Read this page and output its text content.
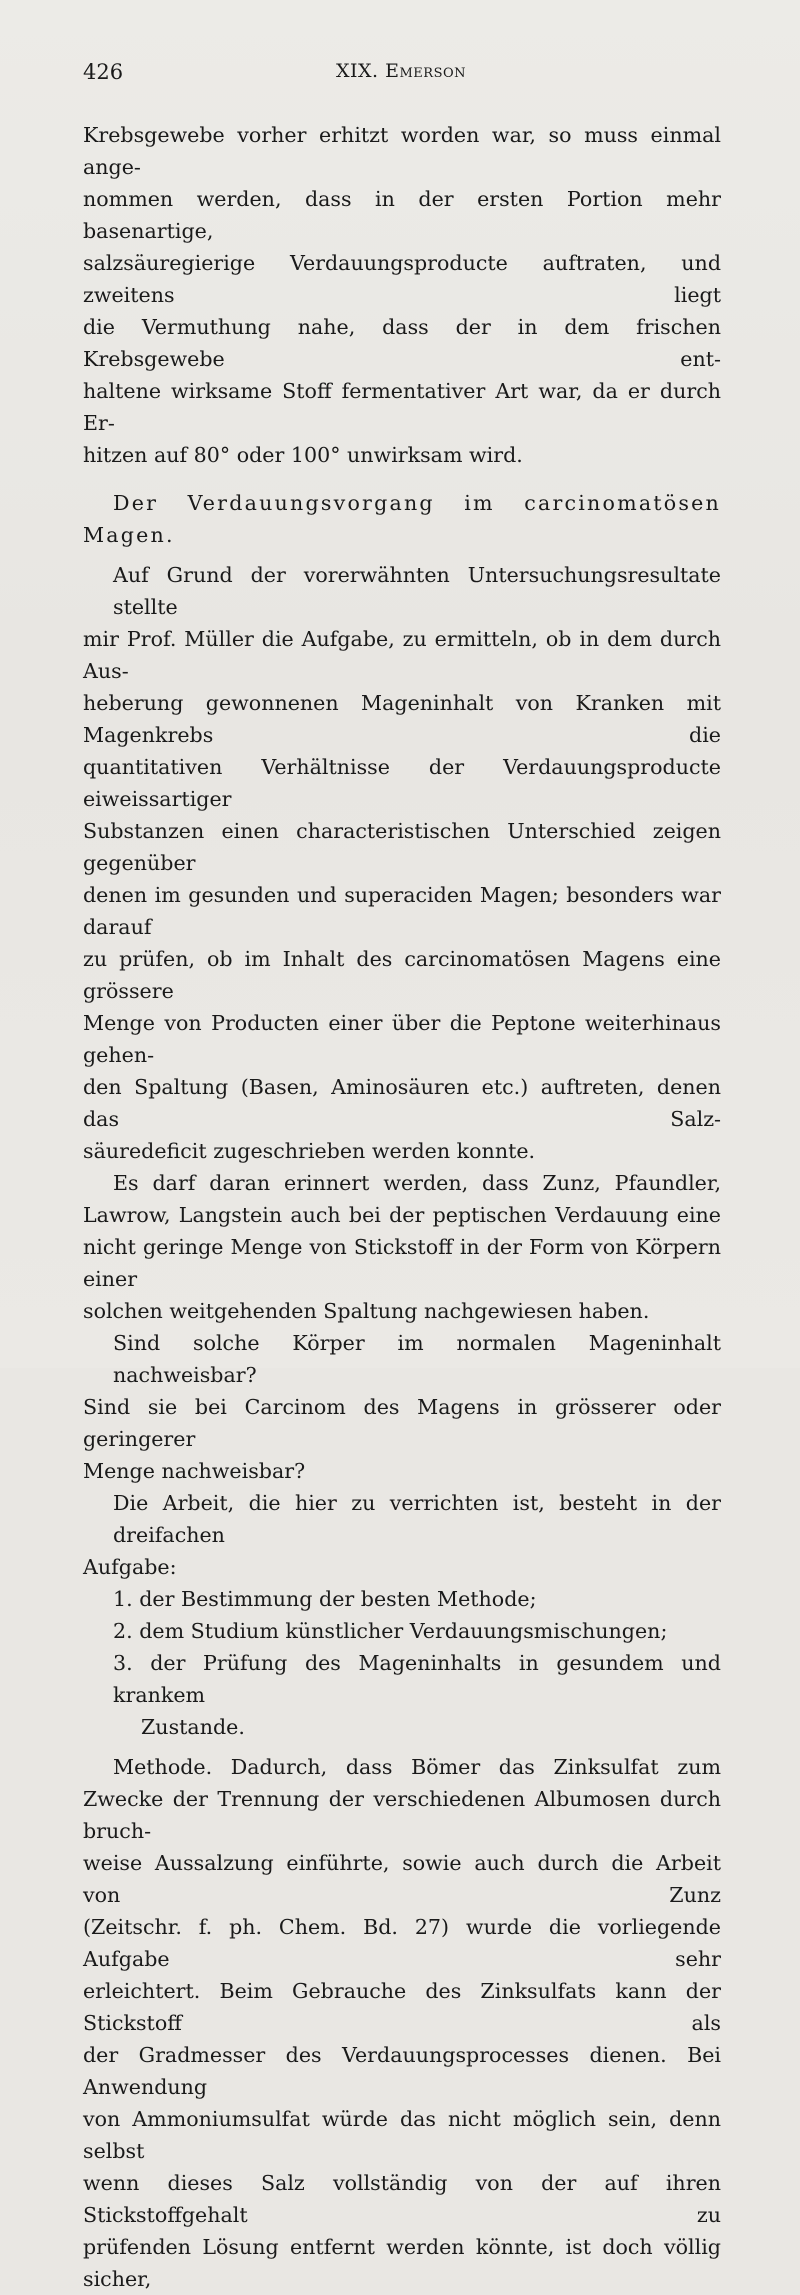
426	XIX. Emerson

Krebsgewebe vorher erhitzt worden war, so muss einmal ange-
nommen werden, dass in der ersten Portion mehr basenartige,
salzsäuregierige Verdauungsproducte auftraten, und zweitens liegt
die Vermuthung nahe, dass der in dem frischen Krebsgewebe ent-
haltene wirksame Stoff fermentativer Art war, da er durch Er-
hitzen auf 80° oder 100° unwirksam wird.

Der Verdauungsvorgang im carcinomatösen Magen.

Auf Grund der vorerwähnten Untersuchungsresultate stellte
mir Prof. Müller die Aufgabe, zu ermitteln, ob in dem durch Aus-
heberung gewonnenen Mageninhalt von Kranken mit Magenkrebs die
quantitativen Verhältnisse der Verdauungsproducte eiweissartiger
Substanzen einen characteristischen Unterschied zeigen gegenüber
denen im gesunden und superaciden Magen; besonders war darauf
zu prüfen, ob im Inhalt des carcinomatösen Magens eine grössere
Menge von Producten einer über die Peptone weiterhinaus gehen-
den Spaltung (Basen, Aminosäuren etc.) auftreten, denen das Salz-
säuredeficit zugeschrieben werden konnte.

Es darf daran erinnert werden, dass Zunz, Pfaundler,
Lawrow, Langstein auch bei der peptischen Verdauung eine
nicht geringe Menge von Stickstoff in der Form von Körpern einer
solchen weitgehenden Spaltung nachgewiesen haben.

Sind solche Körper im normalen Mageninhalt nachweisbar?
Sind sie bei Carcinom des Magens in grösserer oder geringerer
Menge nachweisbar?

Die Arbeit, die hier zu verrichten ist, besteht in der dreifachen
Aufgabe:

1. der Bestimmung der besten Methode;
2. dem Studium künstlicher Verdauungsmischungen;
3. der Prüfung des Mageninhalts in gesundem und krankem
Zustande.

Methode. Dadurch, dass Bömer das Zinksulfat zum
Zwecke der Trennung der verschiedenen Albumosen durch bruch-
weise Aussalzung einführte, sowie auch durch die Arbeit von Zunz
(Zeitschr. f. ph. Chem. Bd. 27) wurde die vorliegende Aufgabe sehr
erleichtert. Beim Gebrauche des Zinksulfats kann der Stickstoff als
der Gradmesser des Verdauungsprocesses dienen. Bei Anwendung
von Ammoniumsulfat würde das nicht möglich sein, denn selbst
wenn dieses Salz vollständig von der auf ihren Stickstoffgehalt zu
prüfenden Lösung entfernt werden könnte, ist doch völlig sicher,
